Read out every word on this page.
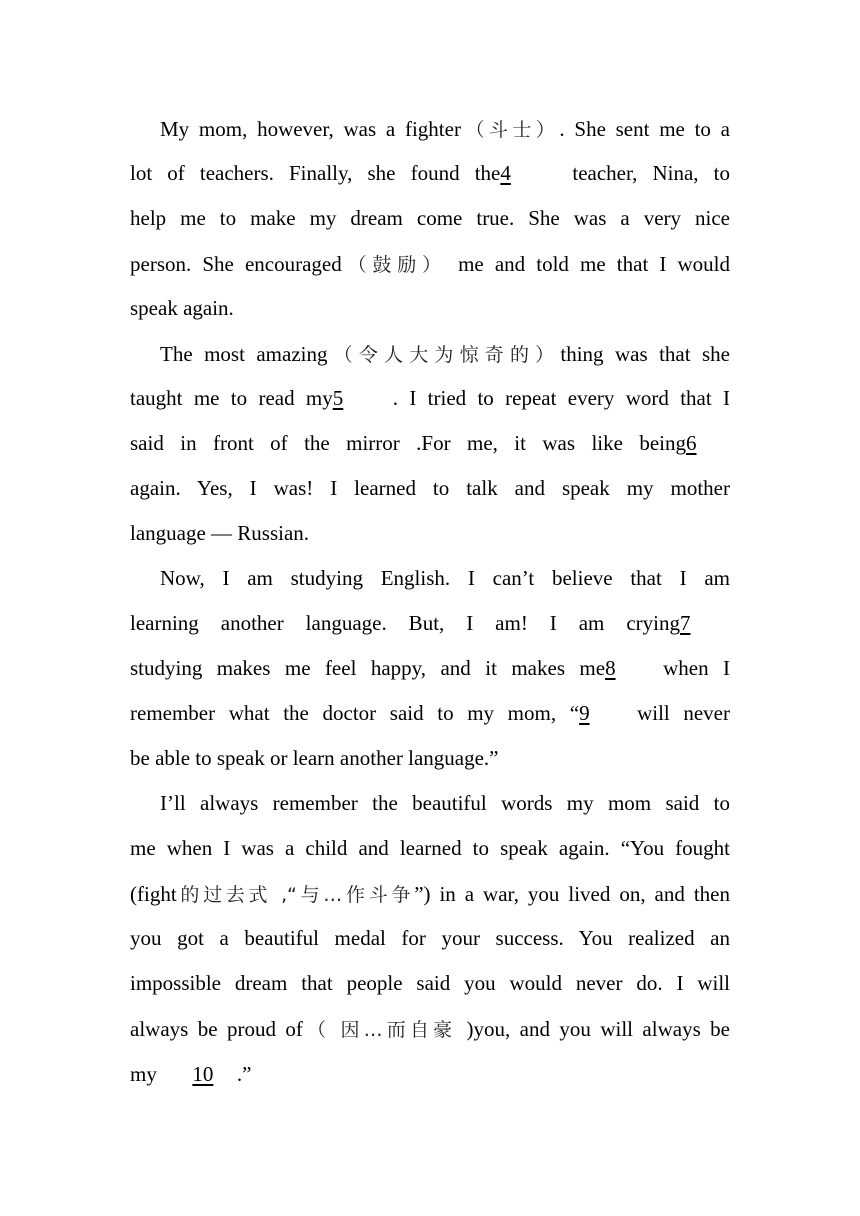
My mom, however, was a fighter（斗士）. She sent me to a
lot of teachers. Finally, she found the4	teacher, Nina, to
help me to make my dream come true. She was a very nice
person. She encouraged（鼓励） me and told me that I would
speak again.
The most amazing（令人大为惊奇的）thing was that she
taught me to read my5 . I tried to repeat every word that I
said in front of the mirror .For me, it was like being6
again. Yes, I was! I learned to talk and speak my mother
language — Russian.
Now, I am studying English. I can’t believe that I am
learning another language. But, I am! I am crying7
studying makes me feel happy, and it makes me8 when I
remember what the doctor said to my mom, “9 will never
be able to speak or learn another language.”
I’ll always remember the beautiful words my mom said to
me when I was a child and learned to speak again. “You fought
(fight的过去式 ‚“与…作斗争”) in a war, you lived on, and then
you got a beautiful medal for your success. You realized an
impossible dream that people said you would never do. I will
always be proud of（ 因…而自豪 )you, and you will always be
my 10 .”
